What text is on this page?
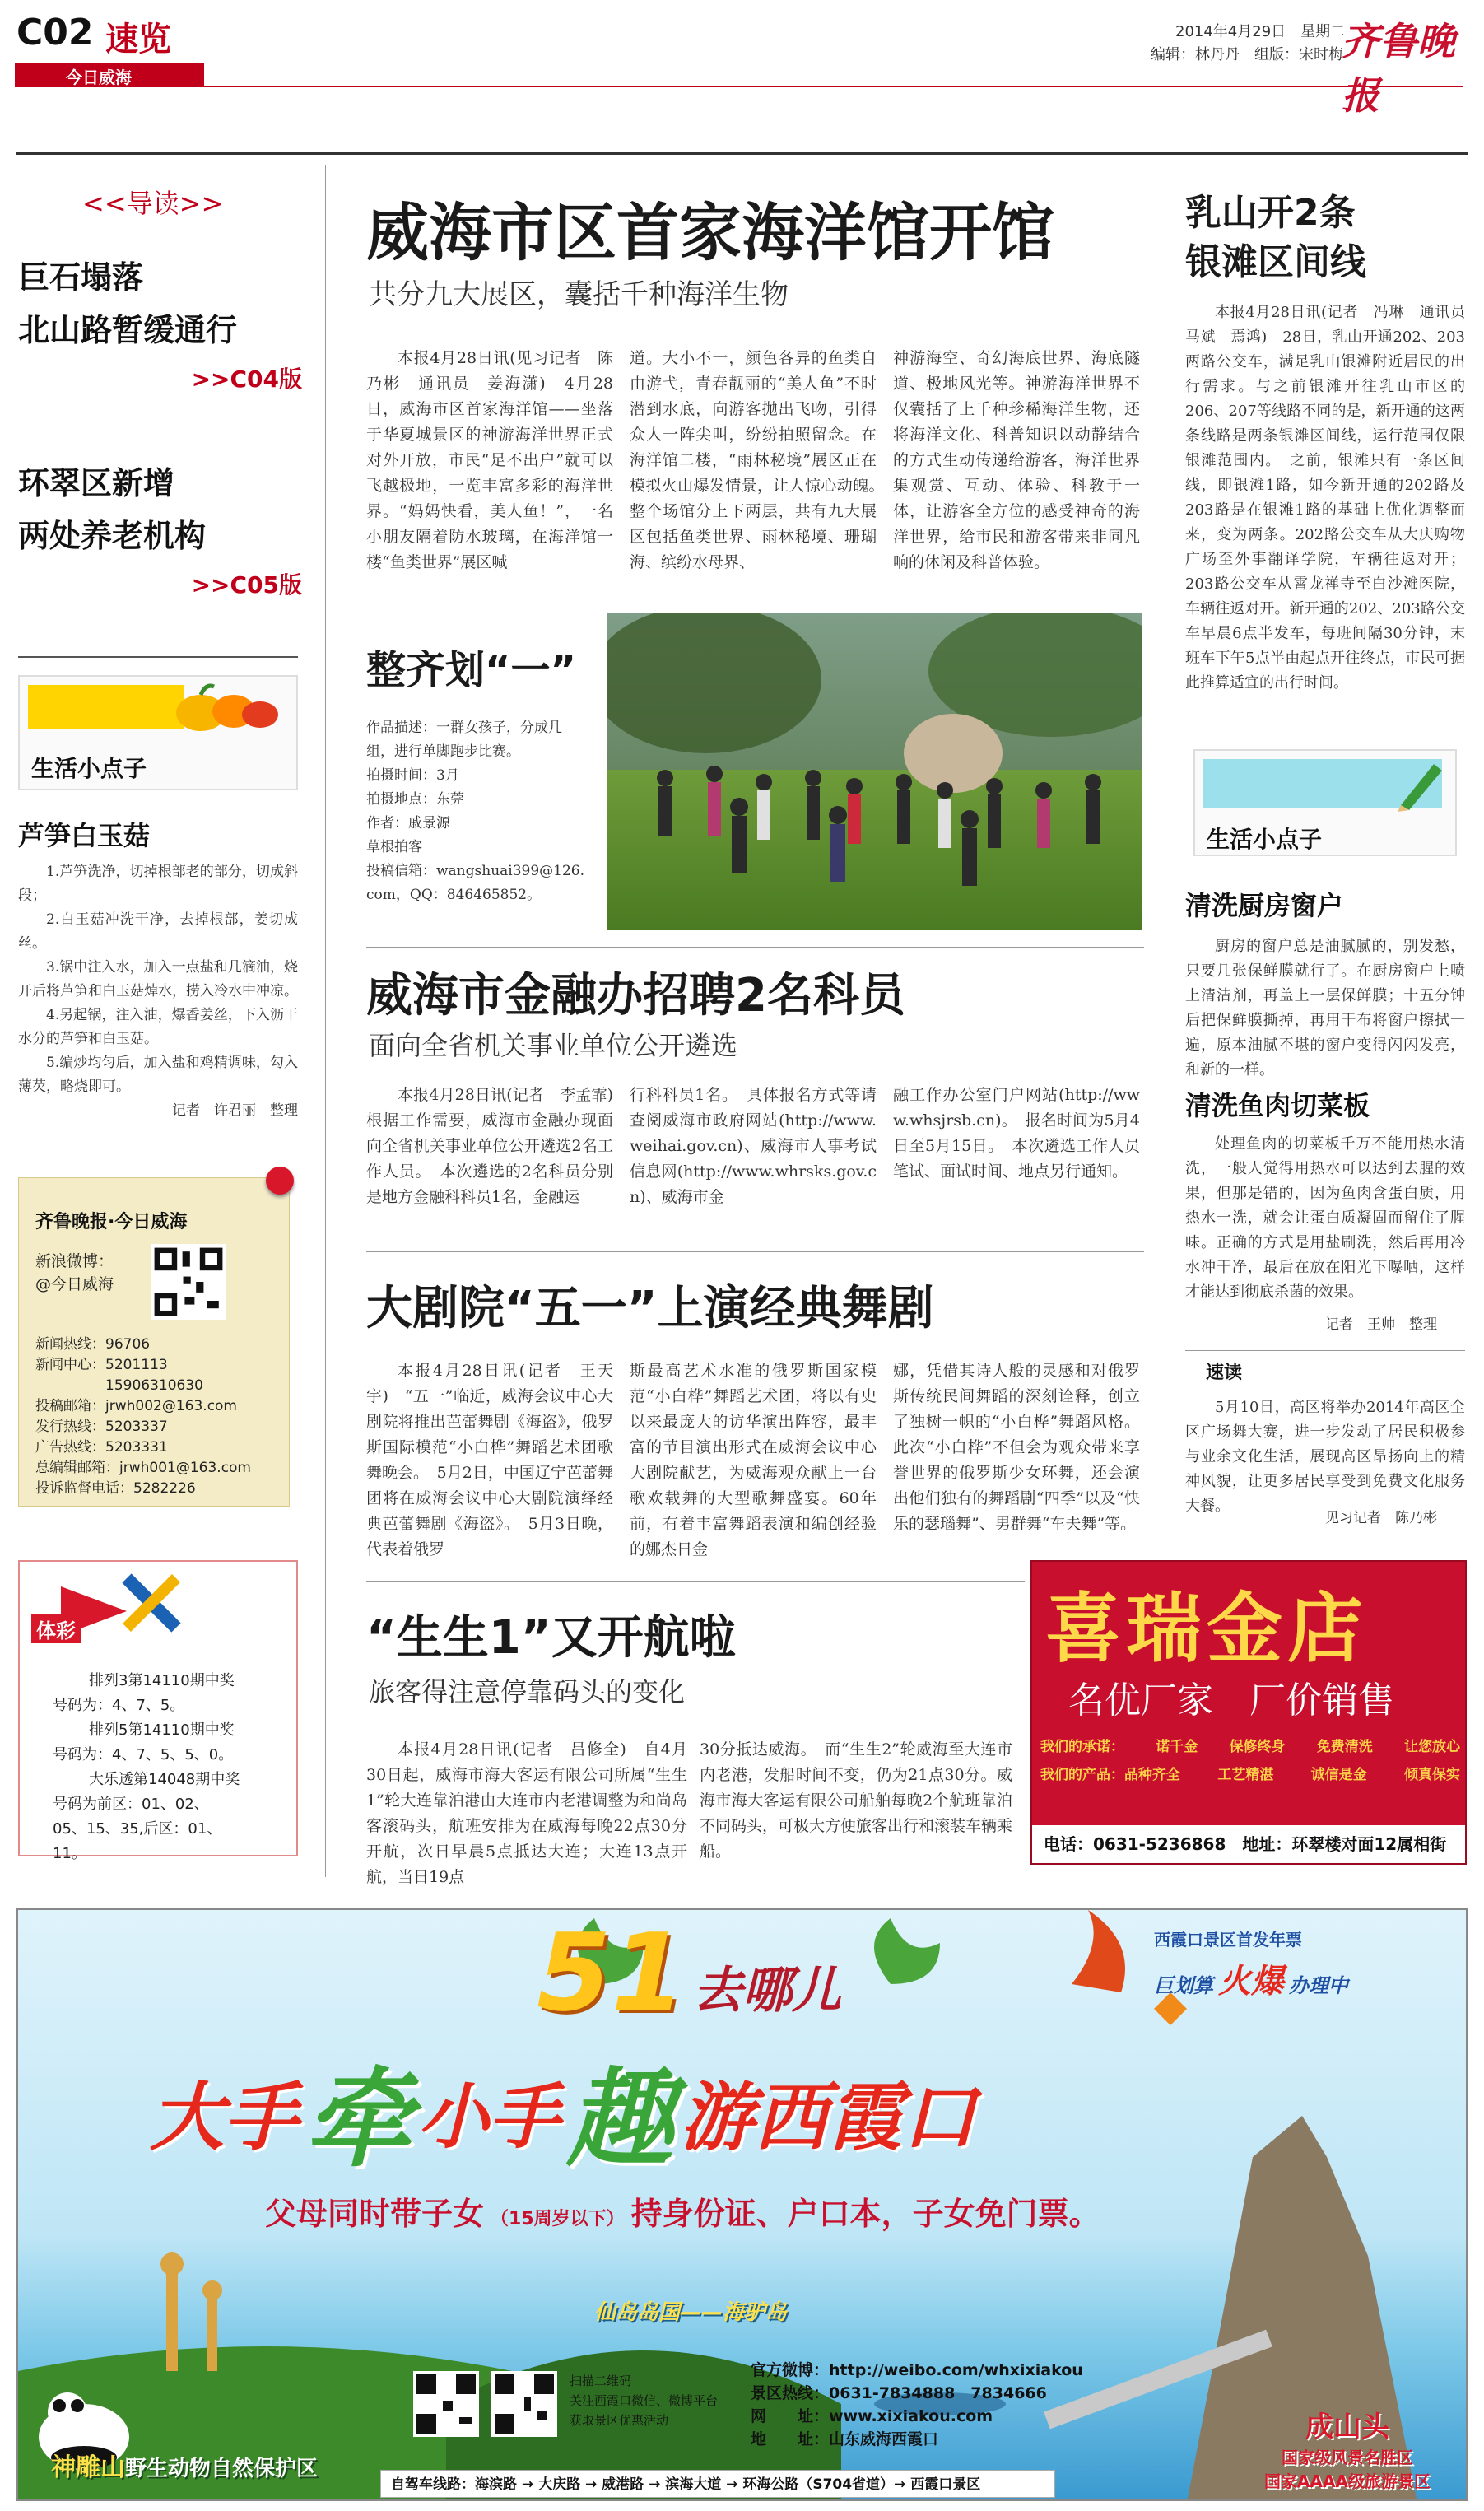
C02 速览
今日威海
2014年4月29日　星期二
编辑：林丹丹　组版：宋时梅
齐鲁晚报
<<导读>>
巨石塌落
北山路暂缓通行
>>C04版
环翠区新增
两处养老机构
>>C05版
生活小点子
芦笋白玉菇

1.芦笋洗净，切掉根部老的部分，切成斜段；

2.白玉菇冲洗干净，去掉根部，姜切成丝。

3.锅中注入水，加入一点盐和几滴油，烧开后将芦笋和白玉菇焯水，捞入冷水中冲凉。

4.另起锅，注入油，爆香姜丝，下入沥干水分的芦笋和白玉菇。

5.编炒均匀后，加入盐和鸡精调味，勾入薄芡，略烧即可。

记者　许君丽　整理

齐鲁晚报·今日威海
新浪微博：
@今日威海
新闻热线：96706
新闻中心：5201113
　　　　　15906310630
投稿邮箱：jrwh002@163.com
发行热线：5203337
广告热线：5203331
总编辑邮箱：jrwh001@163.com
投诉监督电话：5282226
体彩
排列3第14110期中奖
号码为：4、7、5。
排列5第14110期中奖
号码为：4、7、5、5、0。
大乐透第14048期中奖
号码为前区：01、02、
05、15、35,后区：01、
11。
威海市区首家海洋馆开馆
共分九大展区，囊括千种海洋生物
本报4月28日讯(见习记者　陈乃彬　通讯员　姜海潇)　4月28日，威海市区首家海洋馆——坐落于华夏城景区的神游海洋世界正式对外开放，市民“足不出户”就可以飞越极地，一览丰富多彩的海洋世界。“妈妈快看，美人鱼！”，一名小朋友隔着防水玻璃，在海洋馆一楼“鱼类世界”展区喊
道。大小不一，颜色各异的鱼类自由游弋，青春靓丽的“美人鱼”不时潜到水底，向游客抛出飞吻，引得众人一阵尖叫，纷纷拍照留念。在海洋馆二楼，“雨林秘境”展区正在模拟火山爆发情景，让人惊心动魄。　整个场馆分上下两层，共有九大展区包括鱼类世界、雨林秘境、珊瑚海、缤纷水母界、
神游海空、奇幻海底世界、海底隧道、极地风光等。神游海洋世界不仅囊括了上千种珍稀海洋生物，还将海洋文化、科普知识以动静结合的方式生动传递给游客，海洋世界集观赏、互动、体验、科教于一体，让游客全方位的感受神奇的海洋世界，给市民和游客带来非同凡响的休闲及科普体验。
整齐划“一”
作品描述：一群女孩子，分成几组，进行单脚跑步比赛。
拍摄时间：3月
拍摄地点：东莞
作者：戚景源
草根拍客
投稿信箱：wangshuai399@126.com，QQ：846465852。
威海市金融办招聘2名科员
面向全省机关事业单位公开遴选
本报4月28日讯(记者　李孟霏)　根据工作需要，威海市金融办现面向全省机关事业单位公开遴选2名工作人员。　本次遴选的2名科员分别是地方金融科科员1名，金融运
行科科员1名。　具体报名方式等请查阅威海市政府网站(http://www.weihai.gov.cn)、威海市人事考试信息网(http://www.whrsks.gov.cn)、威海市金
融工作办公室门户网站(http://www.whsjrsb.cn)。　报名时间为5月4日至5月15日。　本次遴选工作人员笔试、面试时间、地点另行通知。
大剧院“五一”上演经典舞剧
本报4月28日讯(记者　王天宇)　“五一”临近，威海会议中心大剧院将推出芭蕾舞剧《海盗》，俄罗斯国际模范“小白桦”舞蹈艺术团歌舞晚会。　5月2日，中国辽宁芭蕾舞团将在威海会议中心大剧院演绎经典芭蕾舞剧《海盗》。　5月3日晚，代表着俄罗
斯最高艺术水准的俄罗斯国家模范“小白桦”舞蹈艺术团，将以有史以来最庞大的访华演出阵容，最丰富的节目演出形式在威海会议中心大剧院献艺，为威海观众献上一台歌欢载舞的大型歌舞盛宴。60年前，有着丰富舞蹈表演和编创经验的娜杰日金
娜，凭借其诗人般的灵感和对俄罗斯传统民间舞蹈的深刻诠释，创立了独树一帜的“小白桦”舞蹈风格。此次“小白桦”不但会为观众带来享誉世界的俄罗斯少女环舞，还会演出他们独有的舞蹈剧“四季”以及“快乐的瑟瑙舞”、男群舞“车夫舞”等。
“生生1”又开航啦
旅客得注意停靠码头的变化
本报4月28日讯(记者　吕修全)　自4月30日起，威海市海大客运有限公司所属“生生1”轮大连靠泊港由大连市内老港调整为和尚岛客滚码头，航班安排为在威海每晚22点30分开航，次日早晨5点抵达大连；大连13点开航，当日19点
30分抵达威海。　而“生生2”轮威海至大连市内老港，发船时间不变，仍为21点30分。威海市海大客运有限公司船舶每晚2个航班靠泊不同码头，可极大方便旅客出行和滚装车辆乘船。
乳山开2条
银滩区间线
本报4月28日讯(记者　冯琳　通讯员　马斌　焉鸿)　28日，乳山开通202、203两路公交车，满足乳山银滩附近居民的出行需求。与之前银滩开往乳山市区的206、207等线路不同的是，新开通的这两条线路是两条银滩区间线，运行范围仅限银滩范围内。　之前，银滩只有一条区间线，即银滩1路，如今新开通的202路及203路是在银滩1路的基础上优化调整而来，变为两条。202路公交车从大庆购物广场至外事翻译学院，车辆往返对开；203路公交车从霄龙禅寺至白沙滩医院，车辆往返对开。新开通的202、203路公交车早晨6点半发车，每班间隔30分钟，末班车下午5点半由起点开往终点，市民可据此推算适宜的出行时间。
生活小点子
清洗厨房窗户
厨房的窗户总是油腻腻的，别发愁，只要几张保鲜膜就行了。在厨房窗户上喷上清洁剂，再盖上一层保鲜膜；十五分钟后把保鲜膜撕掉，再用干布将窗户擦拭一遍，原本油腻不堪的窗户变得闪闪发亮，和新的一样。
清洗鱼肉切菜板
处理鱼肉的切菜板千万不能用热水清洗，一般人觉得用热水可以达到去腥的效果，但那是错的，因为鱼肉含蛋白质，用热水一洗，就会让蛋白质凝固而留住了腥味。正确的方式是用盐刷洗，然后再用冷水冲干净，最后在放在阳光下曝晒，这样才能达到彻底杀菌的效果。
记者　王帅　整理
速读
5月10日，高区将举办2014年高区全区广场舞大赛，进一步发动了居民积极参与业余文化生活，展现高区昂扬向上的精神风貌，让更多居民享受到免费文化服务大餐。
见习记者　陈乃彬
喜瑞金店
名优厂家　厂价销售
我们的承诺： 诺千金 保修终身 免费清洗 让您放心
我们的产品：品种齐全	工艺精湛	诚信是金	倾真保实
电话：0631-5236868　地址：环翠楼对面12属相街
西霞口景区首发年票
巨划算 火爆 办理中
51 去哪儿
大手 牵 小手 趣 游西霞口
父母同时带子女 （15周岁以下） 持身份证、户口本，子女免门票。
仙岛岛国——海驴岛
扫描二维码
关注西霞口微信、微博平台
获取景区优惠活动
官方微博：http://weibo.com/whxixiakou
景区热线：0631-7834888　7834666
网　　址：www.xixiakou.com
地　　址：山东威海西霞口
神雕山野生动物自然保护区
自驾车线路：海滨路 → 大庆路 → 威港路 → 滨海大道 → 环海公路（S704省道）→ 西霞口景区
成山头
国家级风景名胜区
国家AAAA级旅游景区
